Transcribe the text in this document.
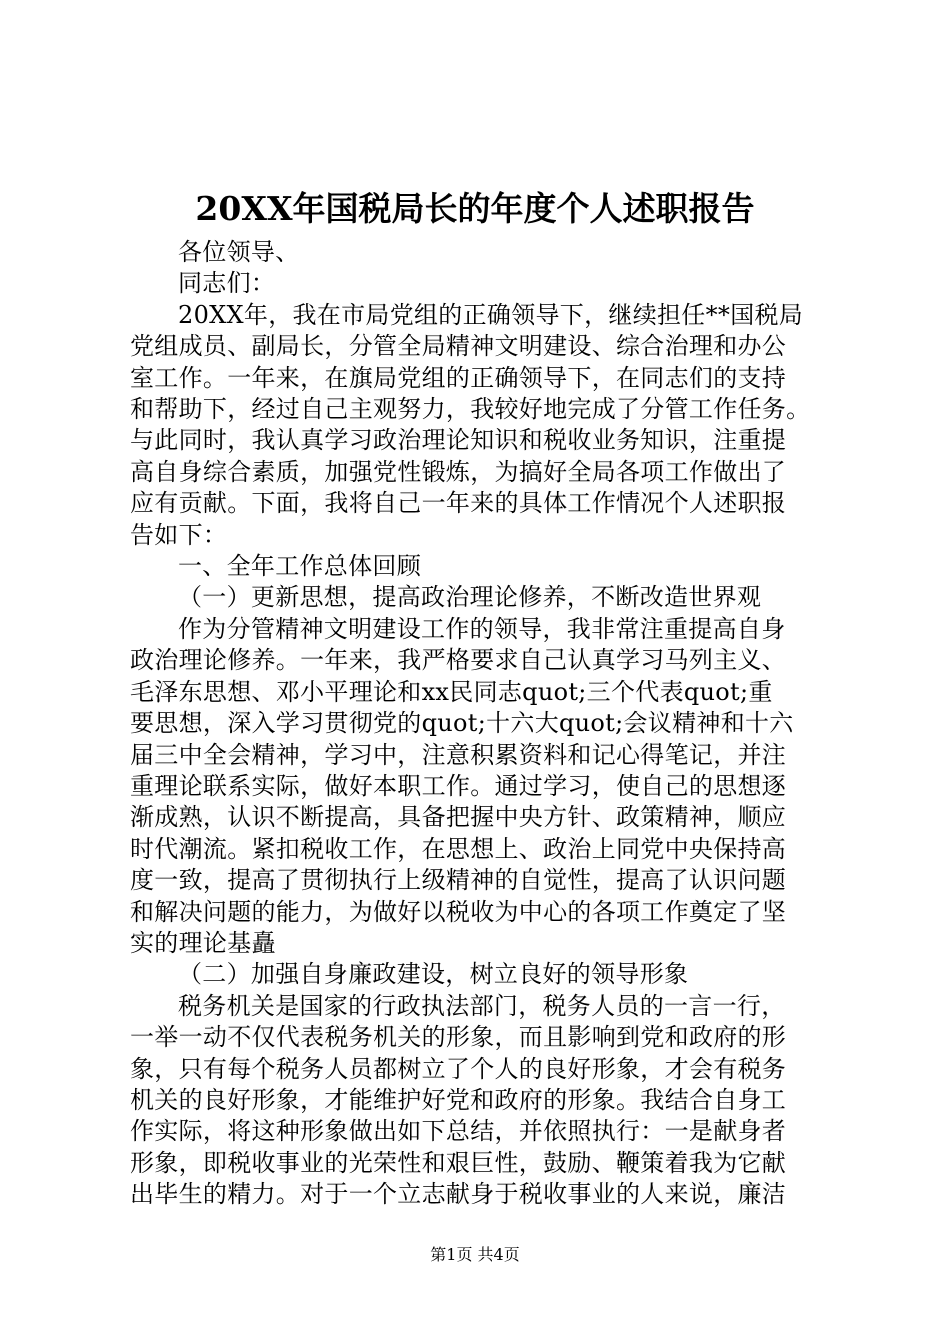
20XX年国税局长的年度个人述职报告
各位领导、
同志们：
20XX年，我在市局党组的正确领导下，继续担任**国税局
党组成员、副局长，分管全局精神文明建设、综合治理和办公
室工作。一年来，在旗局党组的正确领导下，在同志们的支持
和帮助下，经过自己主观努力，我较好地完成了分管工作任务。
与此同时，我认真学习政治理论知识和税收业务知识，注重提
高自身综合素质，加强党性锻炼，为搞好全局各项工作做出了
应有贡献。下面，我将自己一年来的具体工作情况个人述职报
告如下：
一、全年工作总体回顾
（一）更新思想，提高政治理论修养，不断改造世界观
作为分管精神文明建设工作的领导，我非常注重提高自身
政治理论修养。一年来，我严格要求自己认真学习马列主义、
毛泽东思想、邓小平理论和xx民同志quot;三个代表quot;重
要思想，深入学习贯彻党的quot;十六大quot;会议精神和十六
届三中全会精神，学习中，注意积累资料和记心得笔记，并注
重理论联系实际，做好本职工作。通过学习，使自己的思想逐
渐成熟，认识不断提高，具备把握中央方针、政策精神，顺应
时代潮流。紧扣税收工作，在思想上、政治上同党中央保持高
度一致，提高了贯彻执行上级精神的自觉性，提高了认识问题
和解决问题的能力，为做好以税收为中心的各项工作奠定了坚
实的理论基矗
（二）加强自身廉政建设，树立良好的领导形象
税务机关是国家的行政执法部门，税务人员的一言一行，
一举一动不仅代表税务机关的形象，而且影响到党和政府的形
象，只有每个税务人员都树立了个人的良好形象，才会有税务
机关的良好形象，才能维护好党和政府的形象。我结合自身工
作实际，将这种形象做出如下总结，并依照执行：一是献身者
形象，即税收事业的光荣性和艰巨性，鼓励、鞭策着我为它献
出毕生的精力。对于一个立志献身于税收事业的人来说，廉洁
第1页 共4页
